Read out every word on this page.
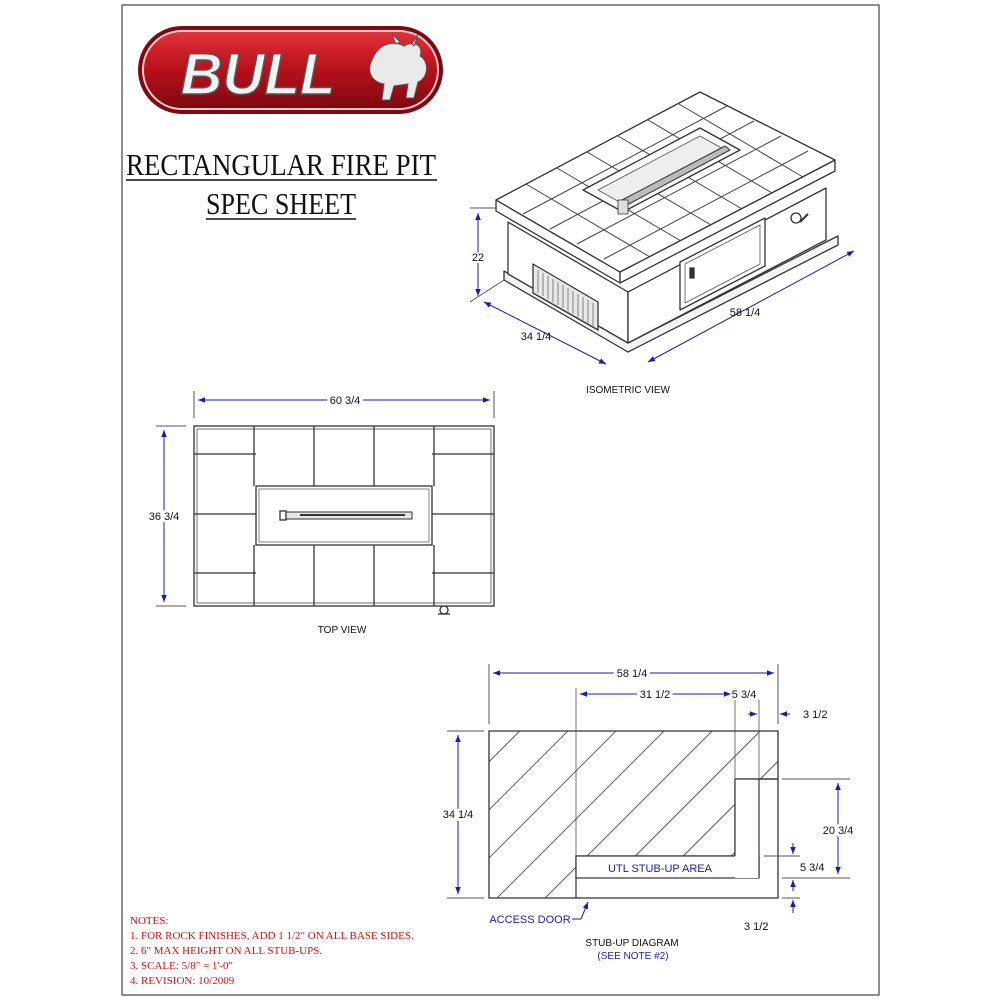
BULL
RECTANGULAR FIRE PIT
SPEC SHEET
22
34 1/4
58 1/4
ISOMETRIC VIEW
60 3/4
36 3/4
TOP VIEW
58 1/4
31 1/2	5 3/4
3 1/2
34 1/4
20 3/4
5 3/4
3 1/2
UTL STUB-UP AREA
ACCESS DOOR
STUB-UP DIAGRAM
(SEE NOTE #2)
NOTES:
1. FOR ROCK FINISHES, ADD 1 1/2" ON ALL BASE SIDES.
2. 6" MAX HEIGHT ON ALL STUB-UPS.
3. SCALE: 5/8" = 1'-0"
4. REVISION: 10/2009
